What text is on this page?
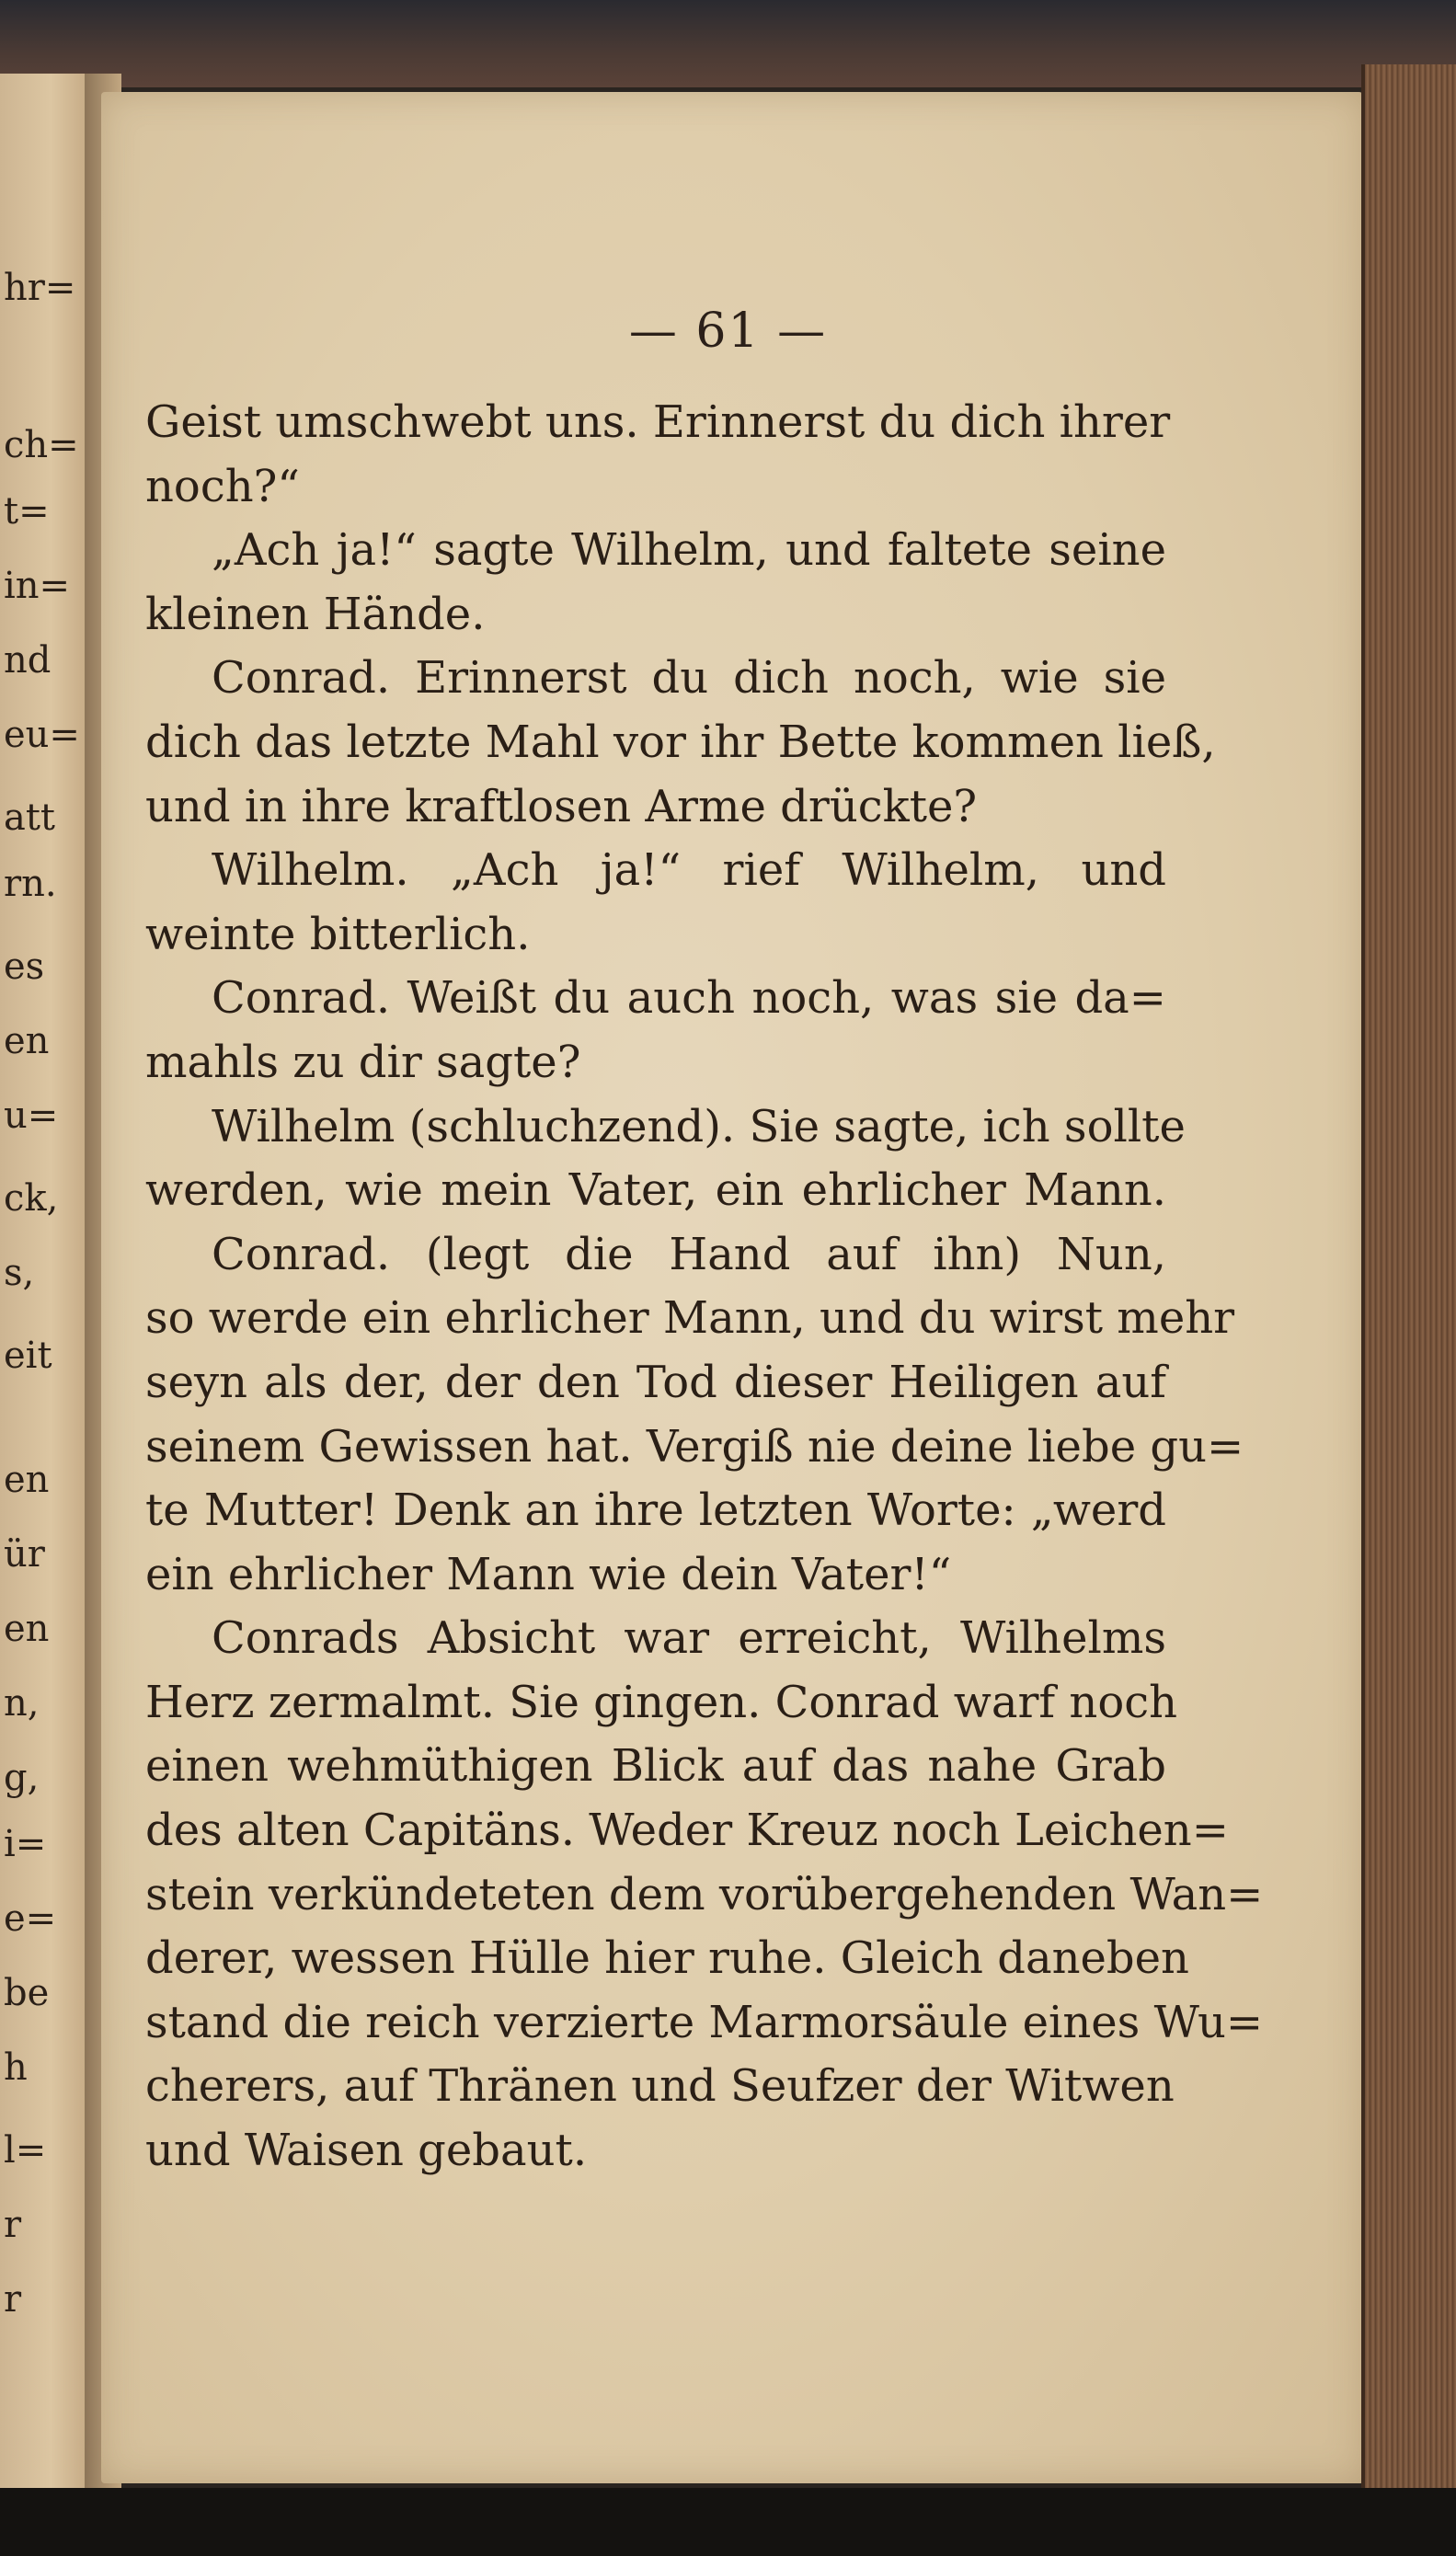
hr=
ch=
t=
in=
nd
eu=
att
rn.
es
en
u=
ck,
s,
eit
en
ür
en
n,
g,
i=
e=
be
h
l=
r
r
— 61 —
Geist umschwebt uns. Erinnerst du dich ihrer
noch?“
„Ach ja!“ sagte Wilhelm, und faltete seine
kleinen Hände.
Conrad. Erinnerst du dich noch, wie sie
dich das letzte Mahl vor ihr Bette kommen ließ,
und in ihre kraftlosen Arme drückte?
Wilhelm. „Ach ja!“ rief Wilhelm, und
weinte bitterlich.
Conrad. Weißt du auch noch, was sie da=
mahls zu dir sagte?
Wilhelm (schluchzend). Sie sagte, ich sollte
werden, wie mein Vater, ein ehrlicher Mann.
Conrad. (legt die Hand auf ihn) Nun,
so werde ein ehrlicher Mann, und du wirst mehr
seyn als der, der den Tod dieser Heiligen auf
seinem Gewissen hat. Vergiß nie deine liebe gu=
te Mutter! Denk an ihre letzten Worte: „werd
ein ehrlicher Mann wie dein Vater!“
Conrads Absicht war erreicht, Wilhelms
Herz zermalmt. Sie gingen. Conrad warf noch
einen wehmüthigen Blick auf das nahe Grab
des alten Capitäns. Weder Kreuz noch Leichen=
stein verkündeteten dem vorübergehenden Wan=
derer, wessen Hülle hier ruhe. Gleich daneben
stand die reich verzierte Marmorsäule eines Wu=
cherers, auf Thränen und Seufzer der Witwen
und Waisen gebaut.
